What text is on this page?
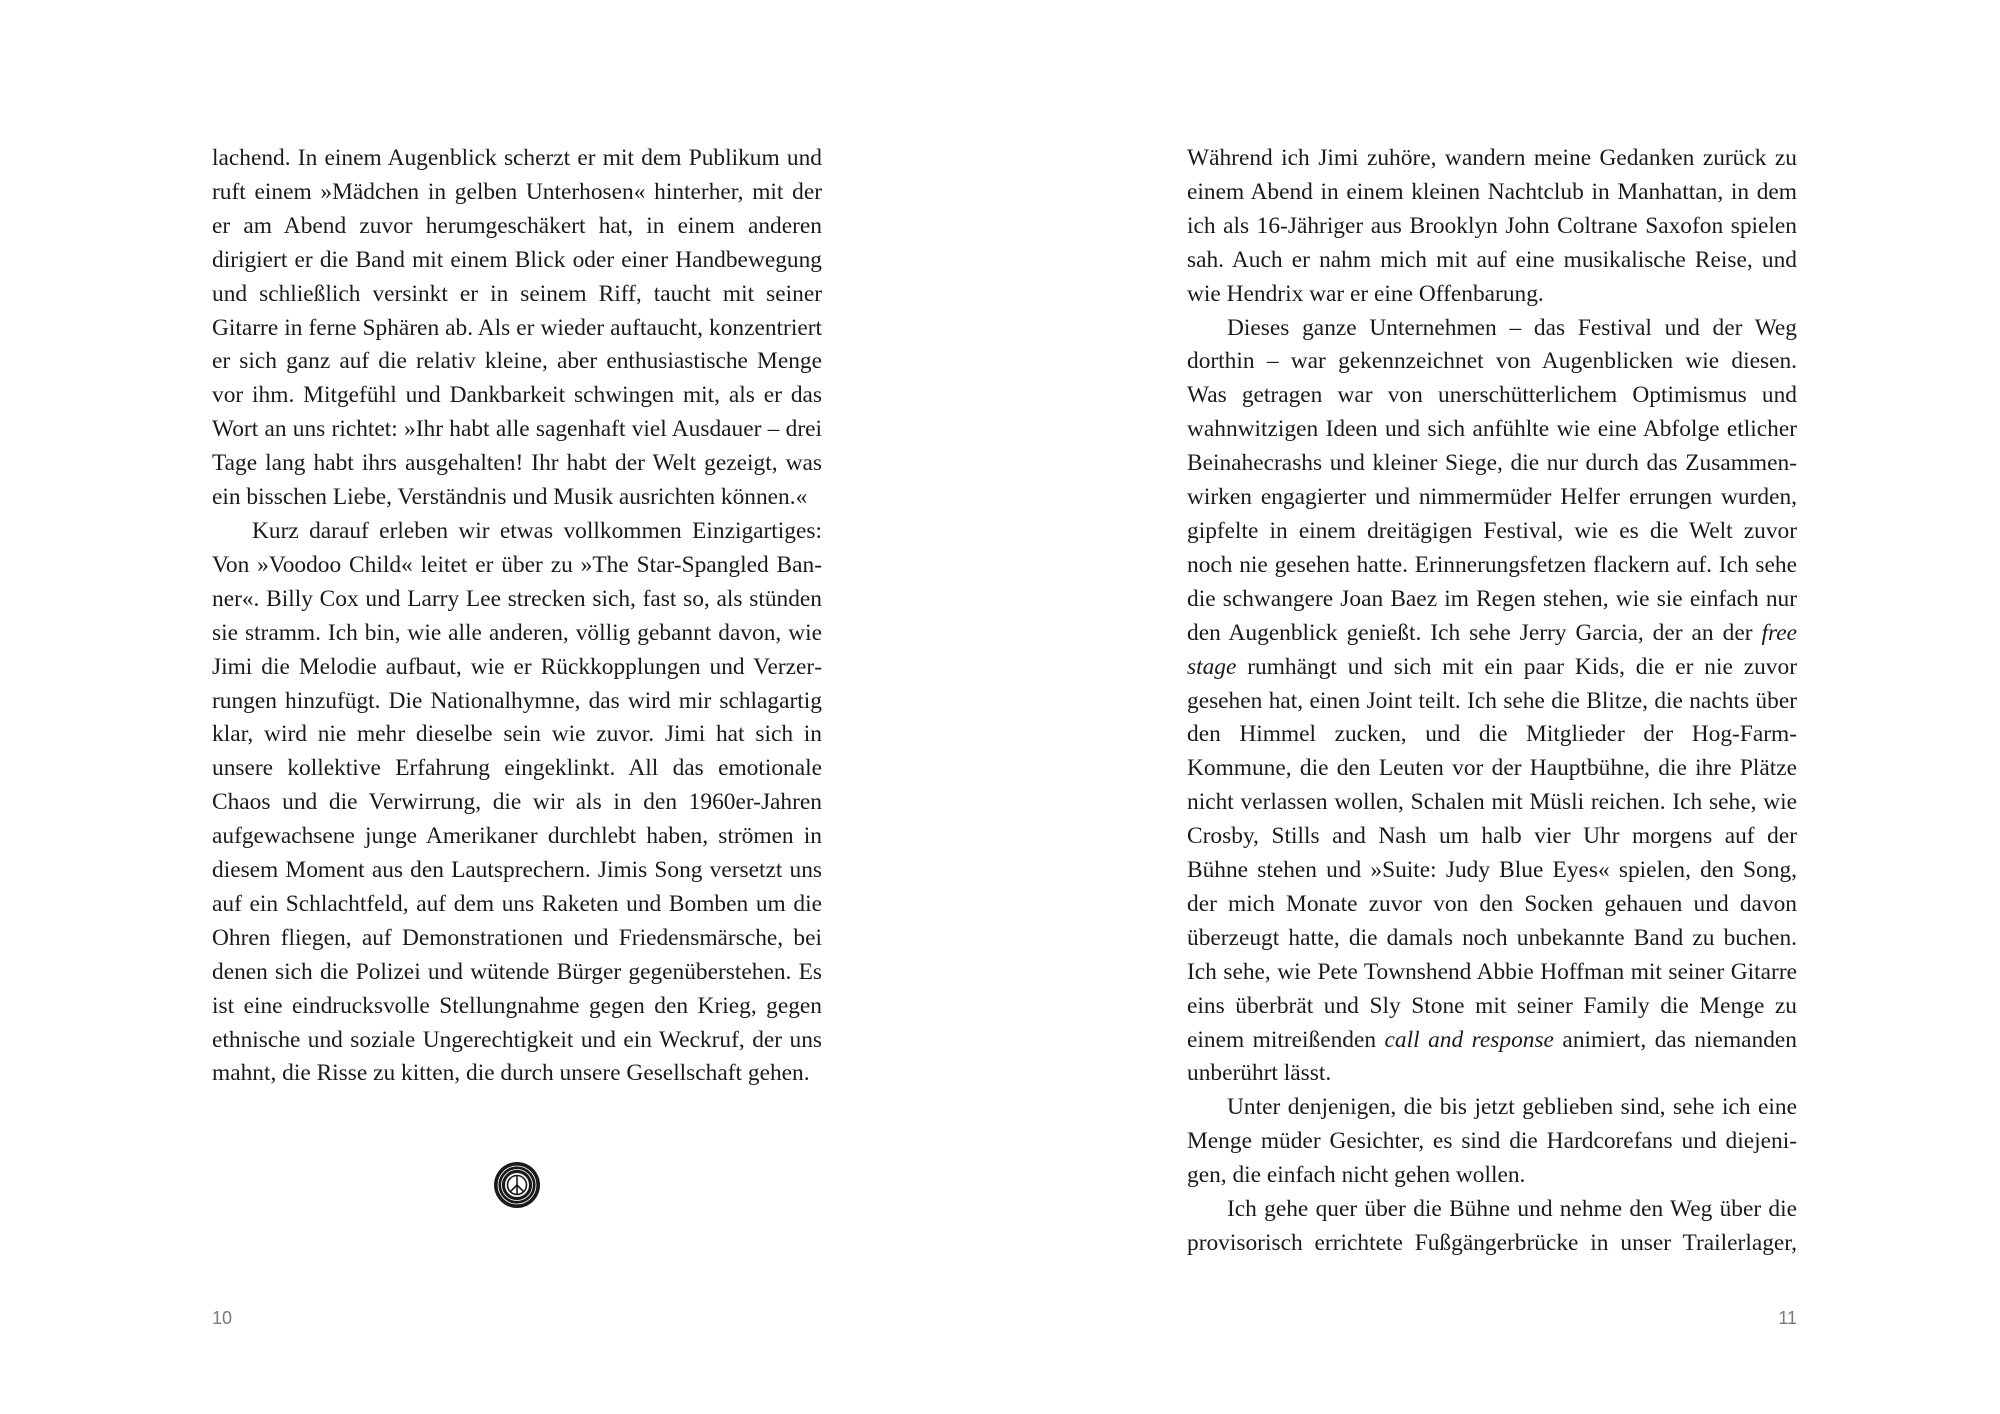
lachend. In einem Augenblick scherzt er mit dem Publikum und ruft einem »Mädchen in gelben Unterhosen« hinterher, mit der er am Abend zuvor herumgeschäkert hat, in einem anderen dirigiert er die Band mit einem Blick oder einer Handbewegung und schließlich versinkt er in seinem Riff, taucht mit seiner Gitarre in ferne Sphären ab. Als er wieder auftaucht, konzentriert er sich ganz auf die relativ kleine, aber enthusiastische Menge vor ihm. Mitgefühl und Dankbarkeit schwingen mit, als er das Wort an uns richtet: »Ihr habt alle sagenhaft viel Ausdauer – drei Tage lang habt ihrs ausgehalten! Ihr habt der Welt gezeigt, was ein bisschen Liebe, Verständnis und Musik ausrichten können.«

Kurz darauf erleben wir etwas vollkommen Einzigartiges: Von »Voodoo Child« leitet er über zu »The Star-Spangled Banner«. Billy Cox und Larry Lee strecken sich, fast so, als stünden sie stramm. Ich bin, wie alle anderen, völlig gebannt davon, wie Jimi die Melodie aufbaut, wie er Rückkopplungen und Verzerrungen hinzufügt. Die Nationalhymne, das wird mir schlagartig klar, wird nie mehr dieselbe sein wie zuvor. Jimi hat sich in unsere kollektive Erfahrung eingeklinkt. All das emotionale Chaos und die Verwirrung, die wir als in den 1960er-Jahren aufgewachsene junge Amerikaner durchlebt haben, strömen in diesem Moment aus den Lautsprechern. Jimis Song versetzt uns auf ein Schlachtfeld, auf dem uns Raketen und Bomben um die Ohren fliegen, auf Demonstrationen und Friedensmärsche, bei denen sich die Polizei und wütende Bürger gegenüberstehen. Es ist eine eindrucksvolle Stellungnahme gegen den Krieg, gegen ethnische und soziale Ungerechtigkeit und ein Weckruf, der uns mahnt, die Risse zu kitten, die durch unsere Gesellschaft gehen.

10

Während ich Jimi zuhöre, wandern meine Gedanken zurück zu einem Abend in einem kleinen Nachtclub in Manhattan, in dem ich als 16-Jähriger aus Brooklyn John Coltrane Saxofon spielen sah. Auch er nahm mich mit auf eine musikalische Reise, und wie Hendrix war er eine Offenbarung.

Dieses ganze Unternehmen – das Festival und der Weg dorthin – war gekennzeichnet von Augenblicken wie diesen. Was getragen war von unerschütterlichem Optimismus und wahnwitzigen Ideen und sich anfühlte wie eine Abfolge etlicher Beinahecrashs und kleiner Siege, die nur durch das Zusammenwirken engagierter und nimmermüder Helfer errungen wurden, gipfelte in einem dreitägigen Festival, wie es die Welt zuvor noch nie gesehen hatte. Erinnerungsfetzen flackern auf. Ich sehe die schwangere Joan Baez im Regen stehen, wie sie einfach nur den Augenblick genießt. Ich sehe Jerry Garcia, der an der free stage rumhängt und sich mit ein paar Kids, die er nie zuvor gesehen hat, einen Joint teilt. Ich sehe die Blitze, die nachts über den Himmel zucken, und die Mitglieder der Hog-Farm-Kommune, die den Leuten vor der Hauptbühne, die ihre Plätze nicht verlassen wollen, Schalen mit Müsli reichen. Ich sehe, wie Crosby, Stills and Nash um halb vier Uhr morgens auf der Bühne stehen und »Suite: Judy Blue Eyes« spielen, den Song, der mich Monate zuvor von den Socken gehauen und davon überzeugt hatte, die damals noch unbekannte Band zu buchen. Ich sehe, wie Pete Townshend Abbie Hoffman mit seiner Gitarre eins überbrät und Sly Stone mit seiner Family die Menge zu einem mitreißenden call and response animiert, das niemanden unberührt lässt.

Unter denjenigen, die bis jetzt geblieben sind, sehe ich eine Menge müder Gesichter, es sind die Hardcorefans und diejenigen, die einfach nicht gehen wollen.

Ich gehe quer über die Bühne und nehme den Weg über die provisorisch errichtete Fußgängerbrücke in unser Trailerlager,

11
